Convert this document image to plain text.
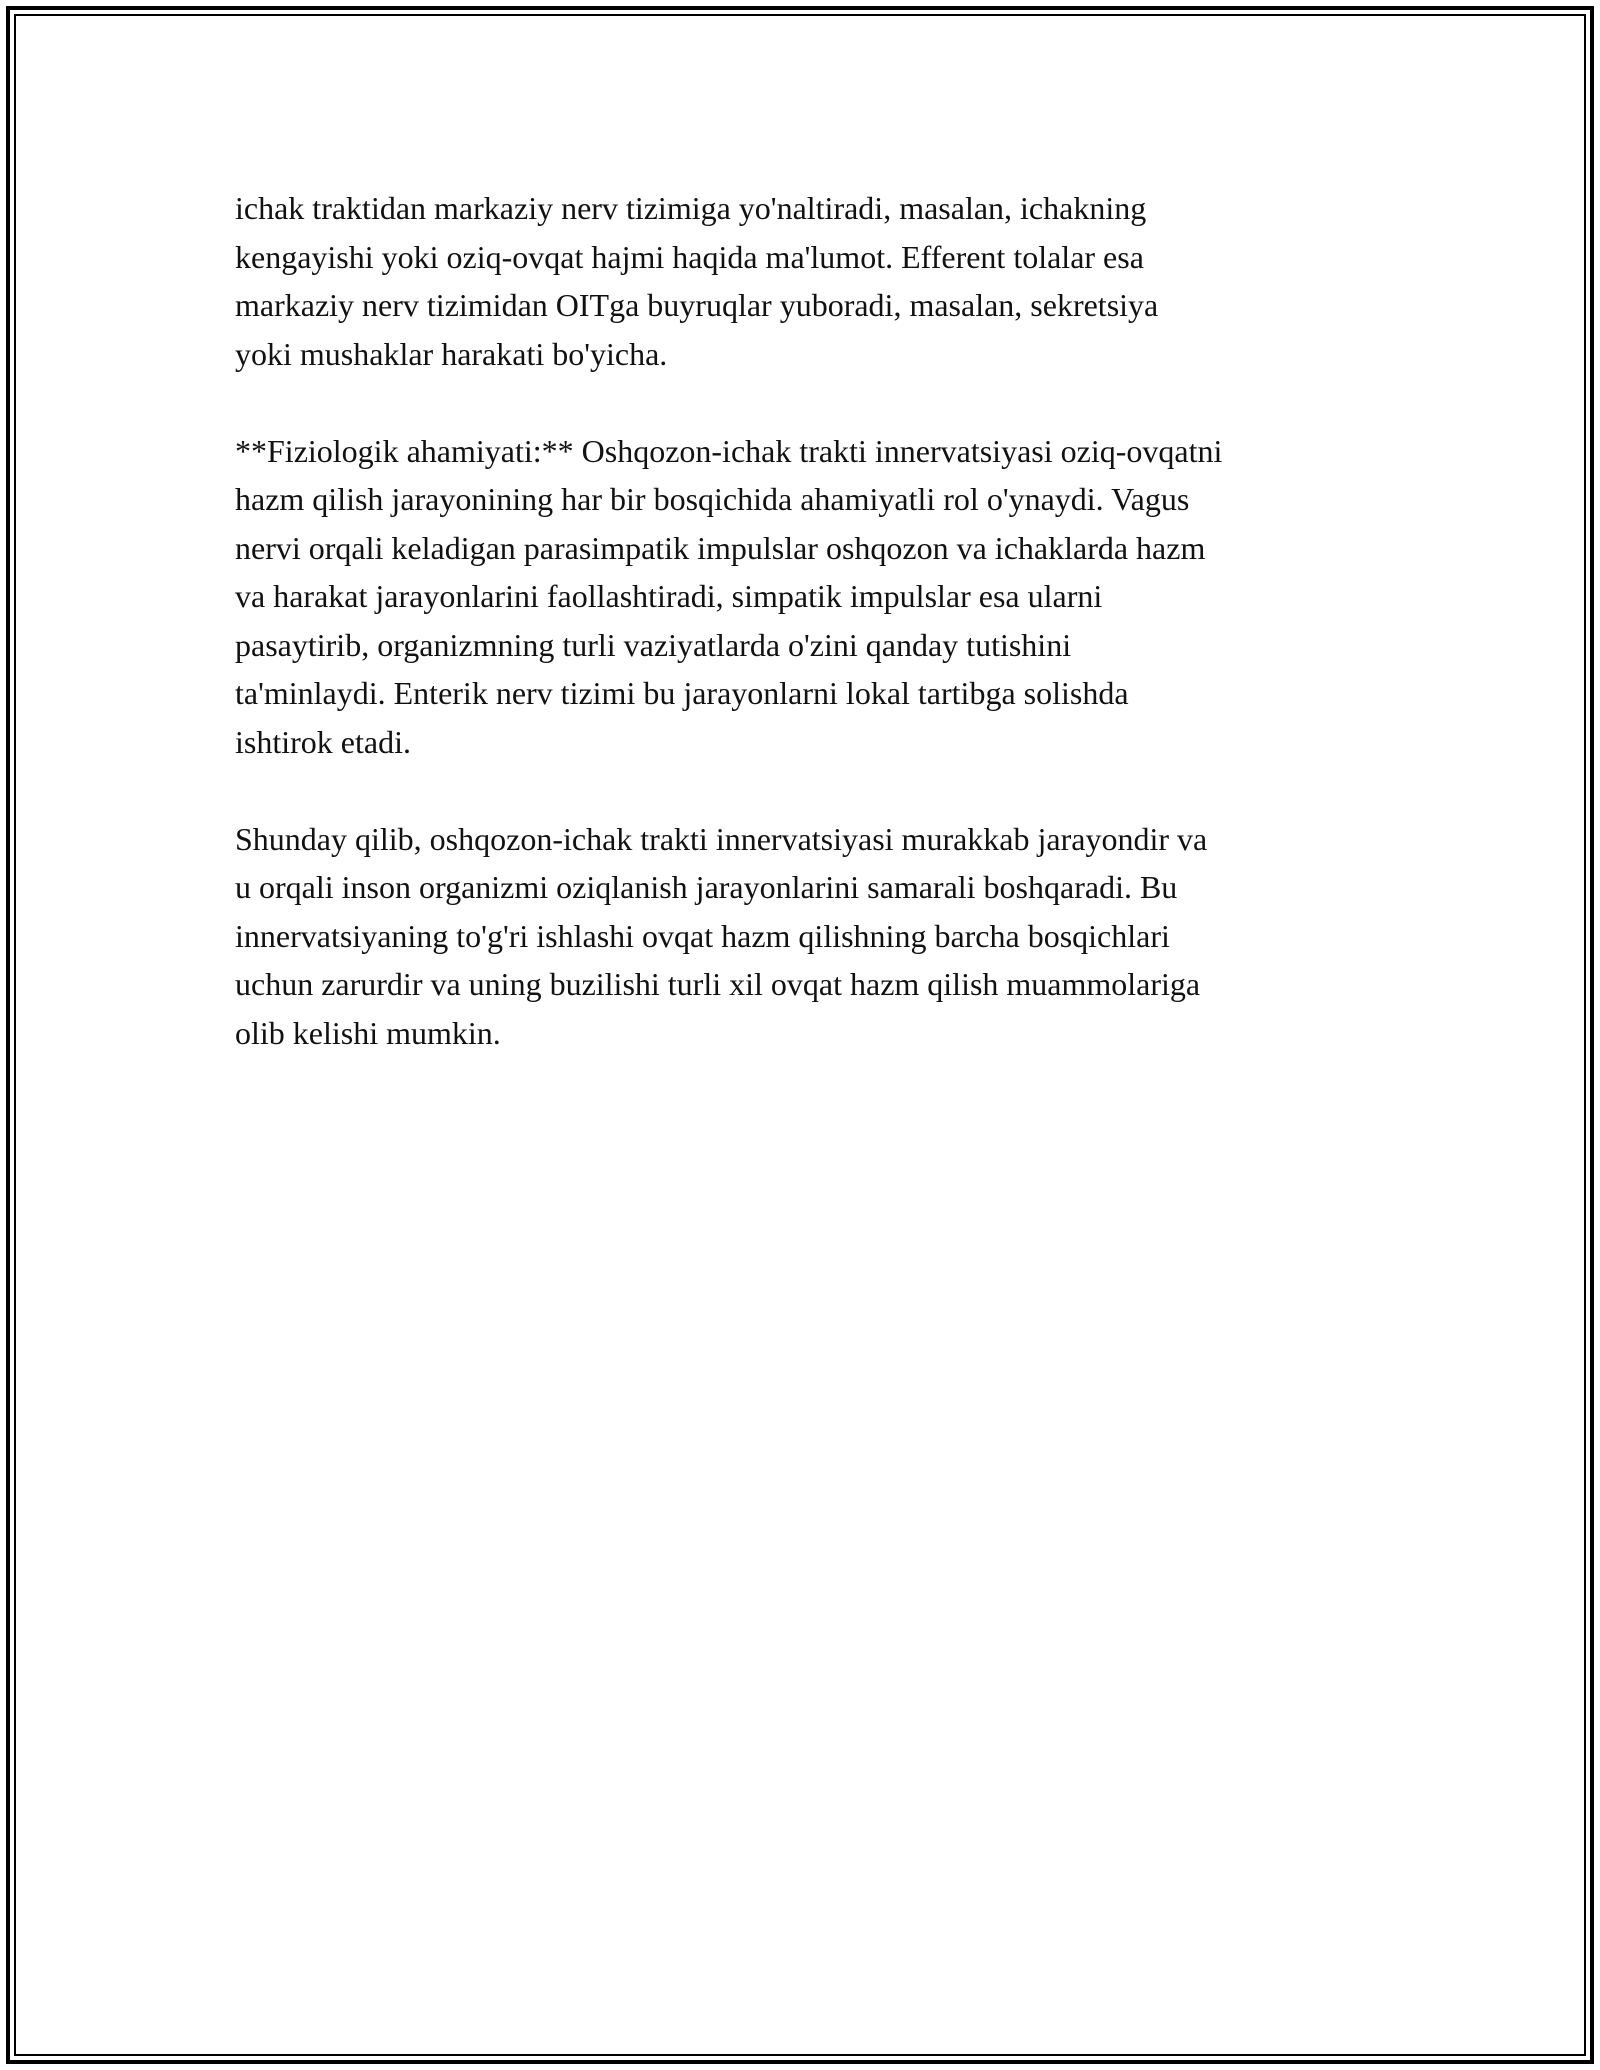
ichak traktidan markaziy nerv tizimiga yo'naltiradi, masalan, ichakning
kengayishi yoki oziq-ovqat hajmi haqida ma'lumot. Efferent tolalar esa
markaziy nerv tizimidan OITga buyruqlar yuboradi, masalan, sekretsiya
yoki mushaklar harakati bo'yicha.

**Fiziologik ahamiyati:** Oshqozon-ichak trakti innervatsiyasi oziq-ovqatni
hazm qilish jarayonining har bir bosqichida ahamiyatli rol o'ynaydi. Vagus
nervi orqali keladigan parasimpatik impulslar oshqozon va ichaklarda hazm
va harakat jarayonlarini faollashtiradi, simpatik impulslar esa ularni
pasaytirib, organizmning turli vaziyatlarda o'zini qanday tutishini
ta'minlaydi. Enterik nerv tizimi bu jarayonlarni lokal tartibga solishda
ishtirok etadi.

Shunday qilib, oshqozon-ichak trakti innervatsiyasi murakkab jarayondir va
u orqali inson organizmi oziqlanish jarayonlarini samarali boshqaradi. Bu
innervatsiyaning to'g'ri ishlashi ovqat hazm qilishning barcha bosqichlari
uchun zarurdir va uning buzilishi turli xil ovqat hazm qilish muammolariga
olib kelishi mumkin.
